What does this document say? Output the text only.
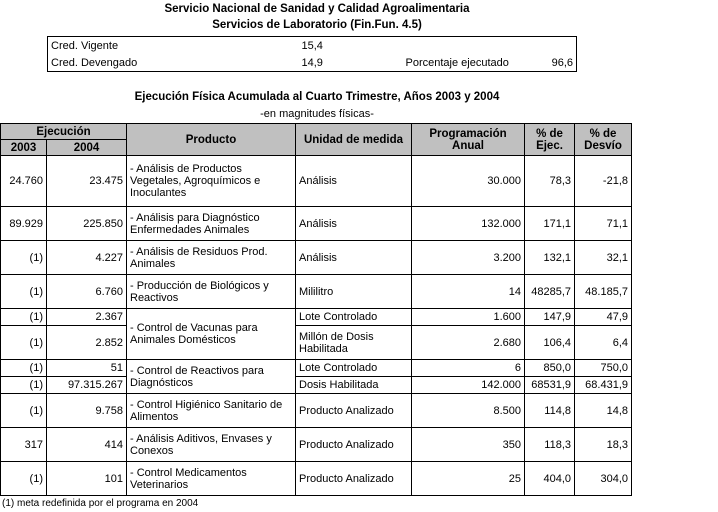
Servicio Nacional de Sanidad y Calidad Agroalimentaria
Servicios de Laboratorio (Fin.Fun. 4.5)
Cred. Vigente	15,4		
Cred. Devengado	14,9	Porcentaje ejecutado	96,6
Ejecución Física Acumulada al Cuarto Trimestre, Años 2003 y 2004
-en magnitudes físicas-
Ejecución		Producto	Unidad de medida	Programación Anual	% de Ejec.	% de Desvío
2003	2004					
24.760	23.475	- Análisis de Productos Vegetales, Agroquímicos e Inoculantes	Análisis	30.000	78,3	-21,8
89.929	225.850	- Análisis para Diagnóstico Enfermedades Animales	Análisis	132.000	171,1	71,1
(1)	4.227	- Análisis de Residuos Prod. Animales	Análisis	3.200	132,1	32,1
(1)	6.760	- Producción de Biológicos y Reactivos	Mililitro	14	48285,7	48.185,7
(1)	2.367	- Control de Vacunas para Animales Domésticos	Lote Controlado	1.600	147,9	47,9
(1)	2.852		Millón de Dosis Habilitada	2.680	106,4	6,4
(1)	51	- Control de Reactivos para Diagnósticos	Lote Controlado	6	850,0	750,0
(1)	97.315.267		Dosis Habilitada	142.000	68531,9	68.431,9
(1)	9.758	- Control Higiénico Sanitario de Alimentos	Producto Analizado	8.500	114,8	14,8
317	414	- Análisis Aditivos, Envases y Conexos	Producto Analizado	350	118,3	18,3
(1)	101	- Control Medicamentos Veterinarios	Producto Analizado	25	404,0	304,0
(1) meta redefinida por el programa en 2004
